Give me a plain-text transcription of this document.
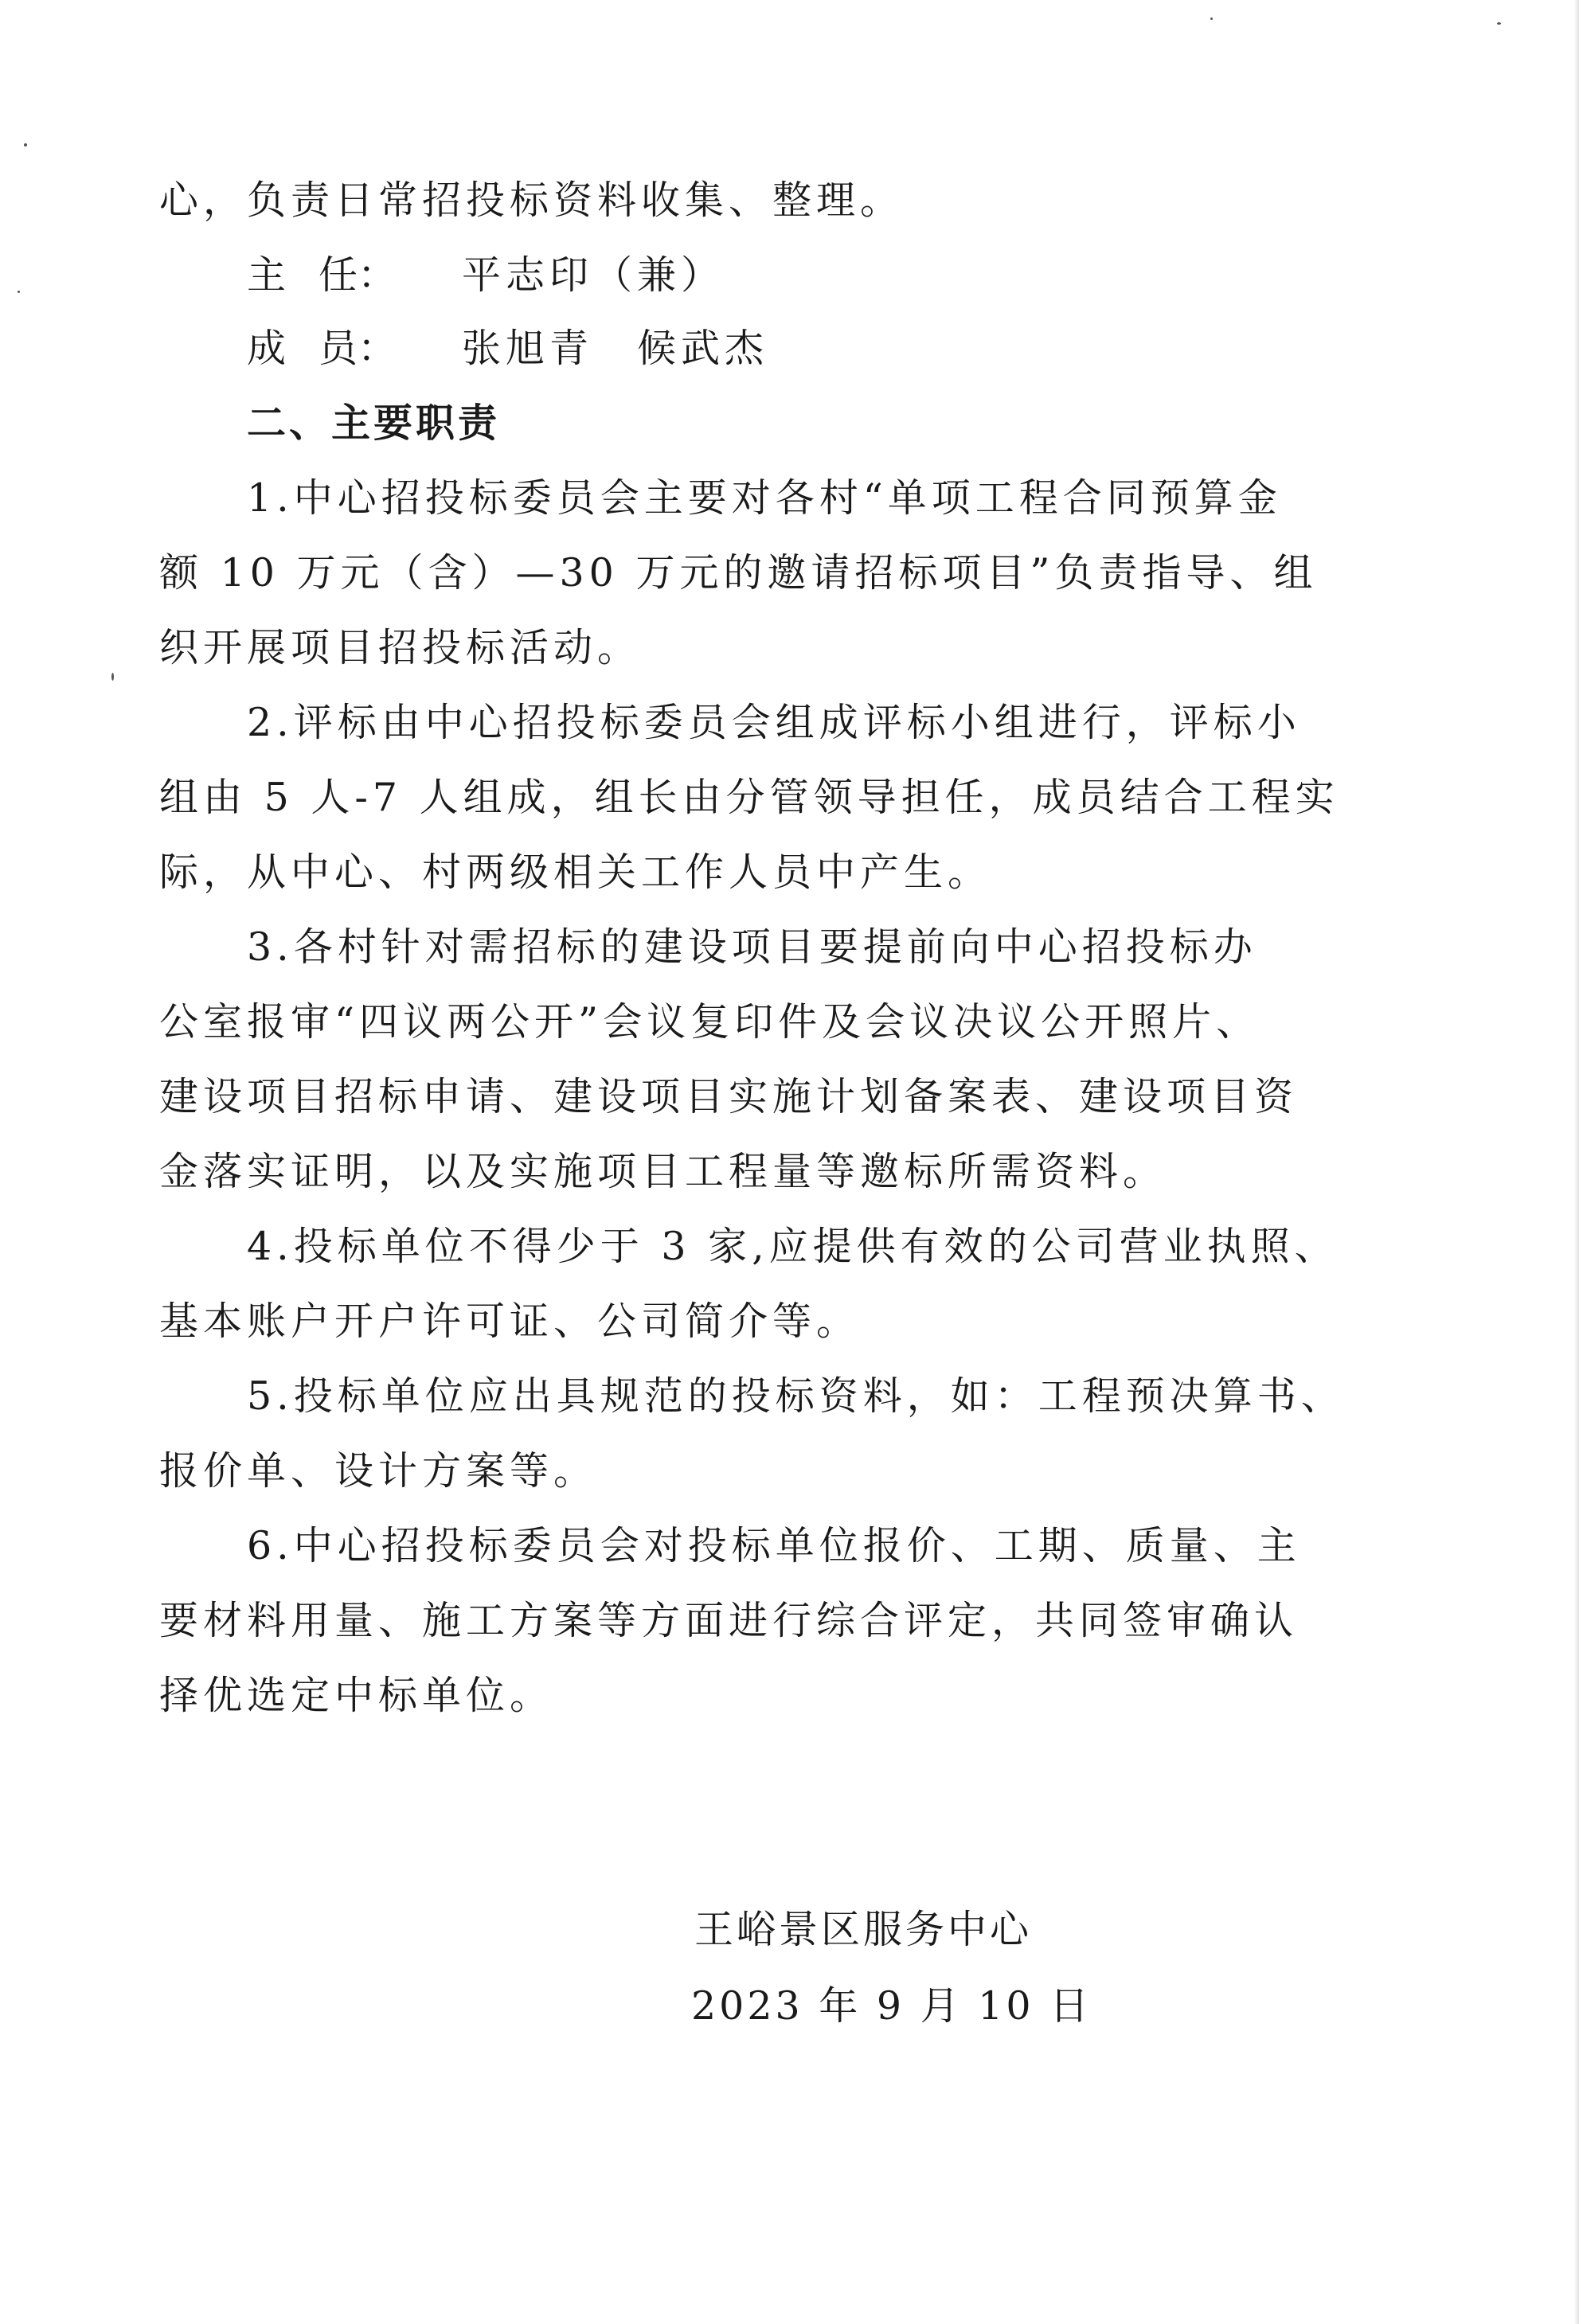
心，负责日常招投标资料收集、整理。
主 任： 平志印（兼）
成 员： 张旭青　候武杰
二、主要职责
1.中心招投标委员会主要对各村“单项工程合同预算金
额 10 万元（含）—30 万元的邀请招标项目”负责指导、组
织开展项目招投标活动。
2.评标由中心招投标委员会组成评标小组进行，评标小
组由 5 人-7 人组成，组长由分管领导担任，成员结合工程实
际，从中心、村两级相关工作人员中产生。
3.各村针对需招标的建设项目要提前向中心招投标办
公室报审“四议两公开”会议复印件及会议决议公开照片、
建设项目招标申请、建设项目实施计划备案表、建设项目资
金落实证明，以及实施项目工程量等邀标所需资料。
4.投标单位不得少于 3 家,应提供有效的公司营业执照、
基本账户开户许可证、公司简介等。
5.投标单位应出具规范的投标资料，如：工程预决算书、
报价单、设计方案等。
6.中心招投标委员会对投标单位报价、工期、质量、主
要材料用量、施工方案等方面进行综合评定，共同签审确认
择优选定中标单位。
王峪景区服务中心
2023 年 9 月 10 日
